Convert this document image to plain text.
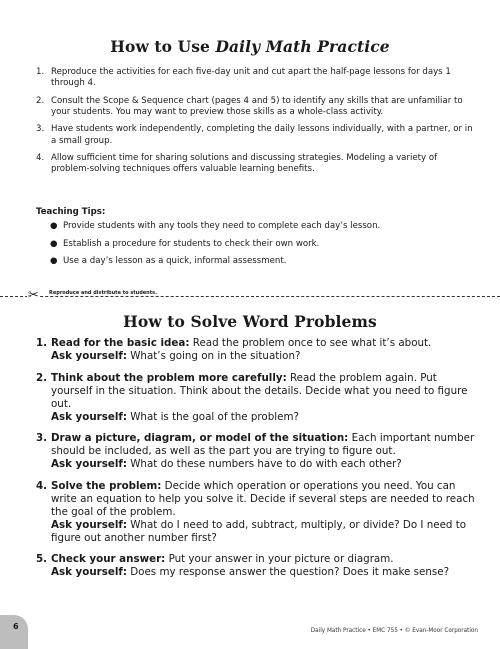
How to Use Daily Math Practice
1. Reproduce the activities for each five-day unit and cut apart the half-page lessons for days 1 through 4.
2. Consult the Scope & Sequence chart (pages 4 and 5) to identify any skills that are unfamiliar to your students. You may want to preview those skills as a whole-class activity.
3. Have students work independently, completing the daily lessons individually, with a partner, or in a small group.
4. Allow sufficient time for sharing solutions and discussing strategies. Modeling a variety of problem-solving techniques offers valuable learning benefits.

Teaching Tips:

● Provide students with any tools they need to complete each day’s lesson.
● Establish a procedure for students to check their own work.
● Use a day’s lesson as a quick, informal assessment.
✂	Reproduce and distribute to students.
How to Solve Word Problems
1. Read for the basic idea: Read the problem once to see what it’s about.
Ask yourself: What’s going on in the situation?
2. Think about the problem more carefully: Read the problem again. Put yourself in the situation. Think about the details. Decide what you need to figure out.
Ask yourself: What is the goal of the problem?
3. Draw a picture, diagram, or model of the situation: Each important number should be included, as well as the part you are trying to figure out.
Ask yourself: What do these numbers have to do with each other?
4. Solve the problem: Decide which operation or operations you need. You can write an equation to help you solve it. Decide if several steps are needed to reach the goal of the problem.
Ask yourself: What do I need to add, subtract, multiply, or divide? Do I need to figure out another number first?
5. Check your answer: Put your answer in your picture or diagram.
Ask yourself: Does my response answer the question? Does it make sense?
6	Daily Math Practice • EMC 755 • © Evan-Moor Corporation
